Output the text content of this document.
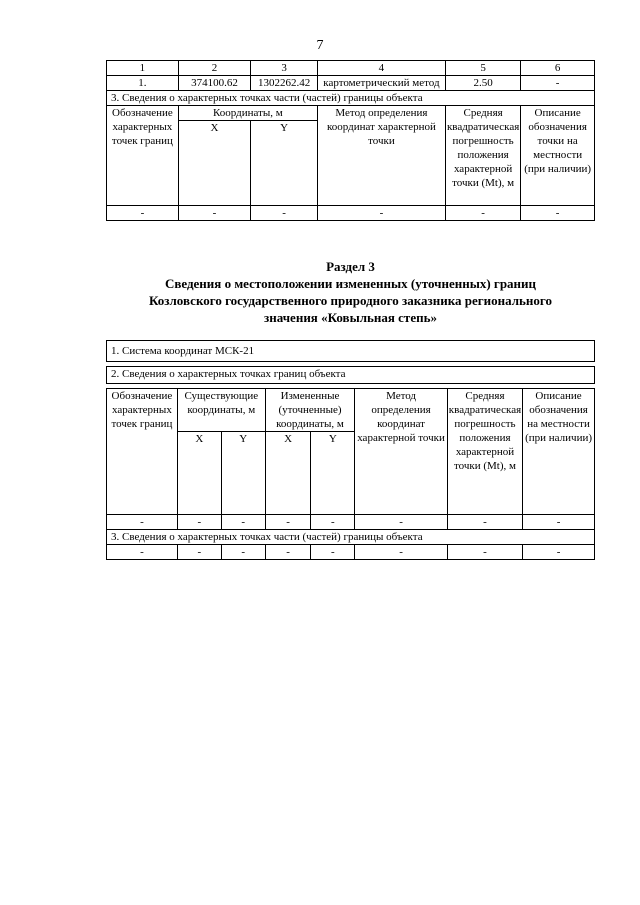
7
1	2	3	4	5	6
1.	374100.62	1302262.42	картометрический метод	2.50	-
3. Сведения о характерных точках части (частей) границы объекта					
Обозначение характерных точек границ	Координаты, м		Метод определения координат характерной точки	Средняя квадратическая погрешность положения характерной точки (Mt), м	Описание обозначения точки на местности (при наличии)
	X	Y			
-	-	-	-	-	-
Раздел 3
Сведения о местоположении измененных (уточненных) границ
Козловского государственного природного заказника регионального
значения «Ковыльная степь»
1. Система координат МСК-21							

2. Сведения о характерных точках границ объекта							

Обозначение характерных точек границ	Существующие координаты, м		Измененные (уточненные) координаты, м		Метод определения координат характерной точки	Средняя квадратическая погрешность положения характерной точки (Mt), м	Описание обозначения на местности (при наличии)
	X	Y	X	Y			
-	-	-	-	-	-	-	-
3. Сведения о характерных точках части (частей) границы объекта							
-	-	-	-	-	-	-	-
